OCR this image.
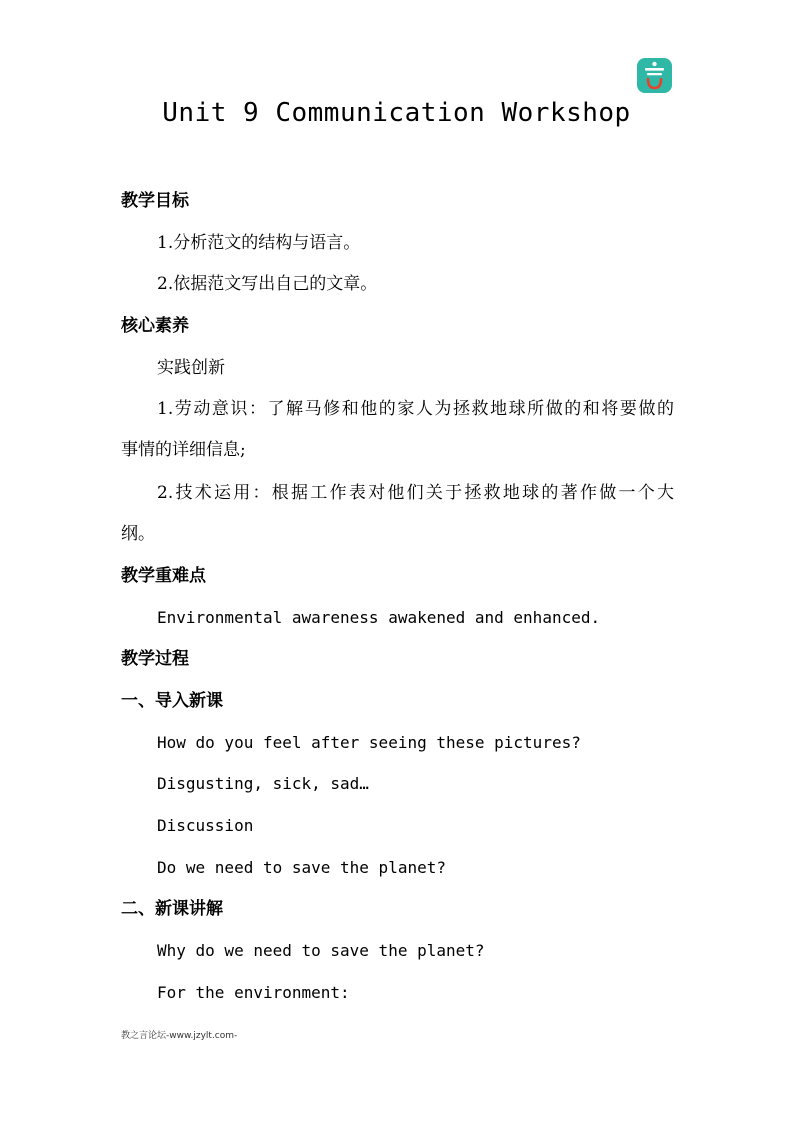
Unit 9 Communication Workshop
教学目标
1.分析范文的结构与语言。
2.依据范文写出自己的文章。
核心素养
实践创新
1.劳动意识：了解马修和他的家人为拯救地球所做的和将要做的
事情的详细信息;
2.技术运用：根据工作表对他们关于拯救地球的著作做一个大
纲。
教学重难点
Environmental awareness awakened and enhanced.
教学过程
一、导入新课
How do you feel after seeing these pictures?
Disgusting, sick, sad…
Discussion
Do we need to save the planet?
二、新课讲解
Why do we need to save the planet?
For the environment:
教之言论坛-www.jzylt.com-
